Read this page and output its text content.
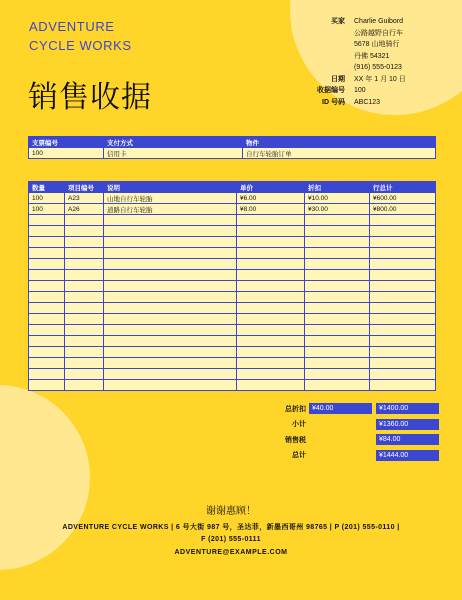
ADVENTURE
CYCLE WORKS
销售收据
买家	Charlie Guibord
公路越野自行车
5678 山地骑行
丹佛 54321
(916) 555-0123
日期	XX 年 1 月 10 日
收据编号	100
ID 号码	ABC123
支票编号	支付方式	物件
100	信用卡	自行车轮胎订单
数量	项目编号	说明	单价	折扣	行总计
100	A23	山地自行车轮胎	¥6.00	¥10.00	¥600.00
100	A26	道路自行车轮胎	¥8.00	¥30.00	¥800.00

总折扣 ¥40.00	¥1400.00
小计	¥1360.00
销售税	¥84.00
总计	¥1444.00
谢谢惠顾！
ADVENTURE CYCLE WORKS | 6 号大街 987 号，圣达菲，新墨西哥州 98765 | P (201) 555-0110 |
F (201) 555-0111
ADVENTURE@EXAMPLE.COM
